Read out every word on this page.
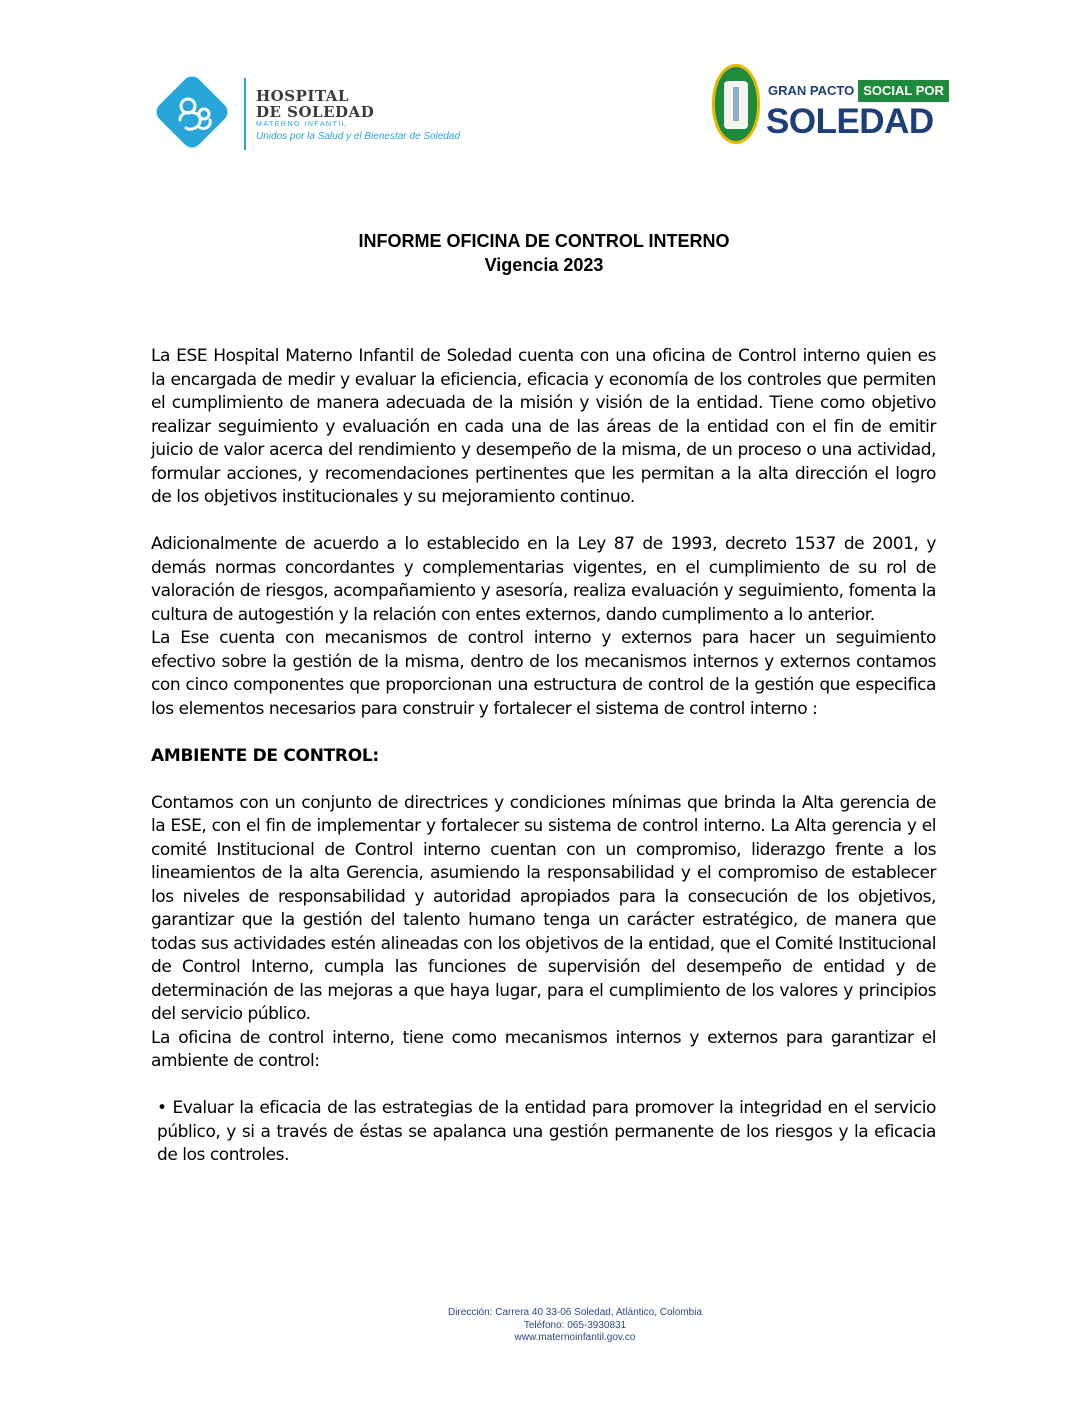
HOSPITAL
DE SOLEDAD
MATERNO INFANTIL
Unidos por la Salud y el Bienestar de Soledad
GRAN PACTO SOCIAL POR
SOLEDAD
INFORME OFICINA DE CONTROL INTERNO
Vigencia 2023

La ESE Hospital Materno Infantil de Soledad cuenta con una oficina de Control interno quien es la encargada de medir y evaluar la eficiencia, eficacia y economía de los controles que permiten el cumplimiento de manera adecuada de la misión y visión de la entidad. Tiene como objetivo realizar seguimiento y evaluación en cada una de las áreas de la entidad con el fin de emitir juicio de valor acerca del rendimiento y desempeño de la misma, de un proceso o una actividad, formular acciones, y recomendaciones pertinentes que les permitan a la alta dirección el logro de los objetivos institucionales y su mejoramiento continuo.

Adicionalmente de acuerdo a lo establecido en la Ley 87 de 1993, decreto 1537 de 2001, y demás normas concordantes y complementarias vigentes, en el cumplimiento de su rol de valoración de riesgos, acompañamiento y asesoría, realiza evaluación y seguimiento, fomenta la cultura de autogestión y la relación con entes externos, dando cumplimento a lo anterior.

La Ese cuenta con mecanismos de control interno y externos para hacer un seguimiento efectivo sobre la gestión de la misma, dentro de los mecanismos internos y externos contamos con cinco componentes que proporcionan una estructura de control de la gestión que especifica los elementos necesarios para construir y fortalecer el sistema de control interno :

AMBIENTE DE CONTROL:

Contamos con un conjunto de directrices y condiciones mínimas que brinda la Alta gerencia de la ESE, con el fin de implementar y fortalecer su sistema de control interno. La Alta gerencia y el comité Institucional de Control interno cuentan con un compromiso, liderazgo frente a los lineamientos de la alta Gerencia, asumiendo la responsabilidad y el compromiso de establecer los niveles de responsabilidad y autoridad apropiados para la consecución de los objetivos, garantizar que la gestión del talento humano tenga un carácter estratégico, de manera que todas sus actividades estén alineadas con los objetivos de la entidad, que el Comité Institucional de Control Interno, cumpla las funciones de supervisión del desempeño de entidad y de determinación de las mejoras a que haya lugar, para el cumplimiento de los valores y principios del servicio público.

La oficina de control interno, tiene como mecanismos internos y externos para garantizar el ambiente de control:

• Evaluar la eficacia de las estrategias de la entidad para promover la integridad en el servicio público, y si a través de éstas se apalanca una gestión permanente de los riesgos y la eficacia de los controles.

Dirección: Carrera 40 33-06 Soledad, Atlántico, Colombia
Teléfono: 065-3930831
www.maternoinfantil.gov.co
